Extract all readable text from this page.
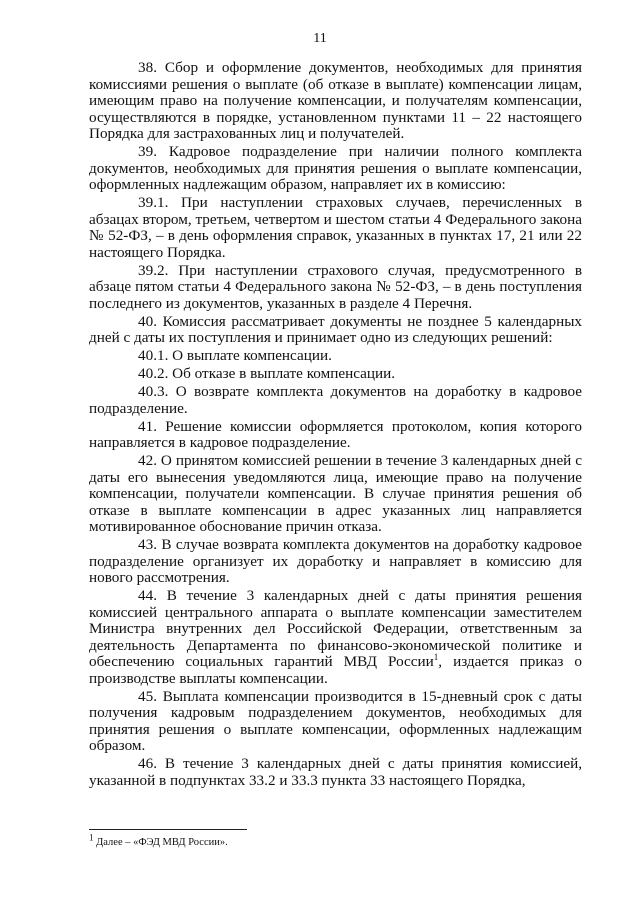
11

38. Сбор и оформление документов, необходимых для принятия комиссиями решения о выплате (об отказе в выплате) компенсации лицам, имеющим право на получение компенсации, и получателям компенсации, осуществляются в порядке, установленном пунктами 11 – 22 настоящего Порядка для застрахованных лиц и получателей.

39. Кадровое подразделение при наличии полного комплекта документов, необходимых для принятия решения о выплате компенсации, оформленных надлежащим образом, направляет их в комиссию:

39.1. При наступлении страховых случаев, перечисленных в абзацах втором, третьем, четвертом и шестом статьи 4 Федерального закона № 52-ФЗ, – в день оформления справок, указанных в пунктах 17, 21 или 22 настоящего Порядка.

39.2. При наступлении страхового случая, предусмотренного в абзаце пятом статьи 4 Федерального закона № 52-ФЗ, – в день поступления последнего из документов, указанных в разделе 4 Перечня.

40. Комиссия рассматривает документы не позднее 5 календарных дней с даты их поступления и принимает одно из следующих решений:

40.1. О выплате компенсации.

40.2. Об отказе в выплате компенсации.

40.3. О возврате комплекта документов на доработку в кадровое подразделение.

41. Решение комиссии оформляется протоколом, копия которого направляется в кадровое подразделение.

42. О принятом комиссией решении в течение 3 календарных дней с даты его вынесения уведомляются лица, имеющие право на получение компенсации, получатели компенсации. В случае принятия решения об отказе в выплате компенсации в адрес указанных лиц направляется мотивированное обоснование причин отказа.

43. В случае возврата комплекта документов на доработку кадровое подразделение организует их доработку и направляет в комиссию для нового рассмотрения.

44. В течение 3 календарных дней с даты принятия решения комиссией центрального аппарата о выплате компенсации заместителем Министра внутренних дел Российской Федерации, ответственным за деятельность Департамента по финансово-экономической политике и обеспечению социальных гарантий МВД России$^1$, издается приказ о производстве выплаты компенсации.

45. Выплата компенсации производится в 15-дневный срок с даты получения кадровым подразделением документов, необходимых для принятия решения о выплате компенсации, оформленных надлежащим образом.

46. В течение 3 календарных дней с даты принятия комиссией, указанной в подпунктах 33.2 и 33.3 пункта 33 настоящего Порядка,

$^1$ Далее – «ФЭД МВД России».
